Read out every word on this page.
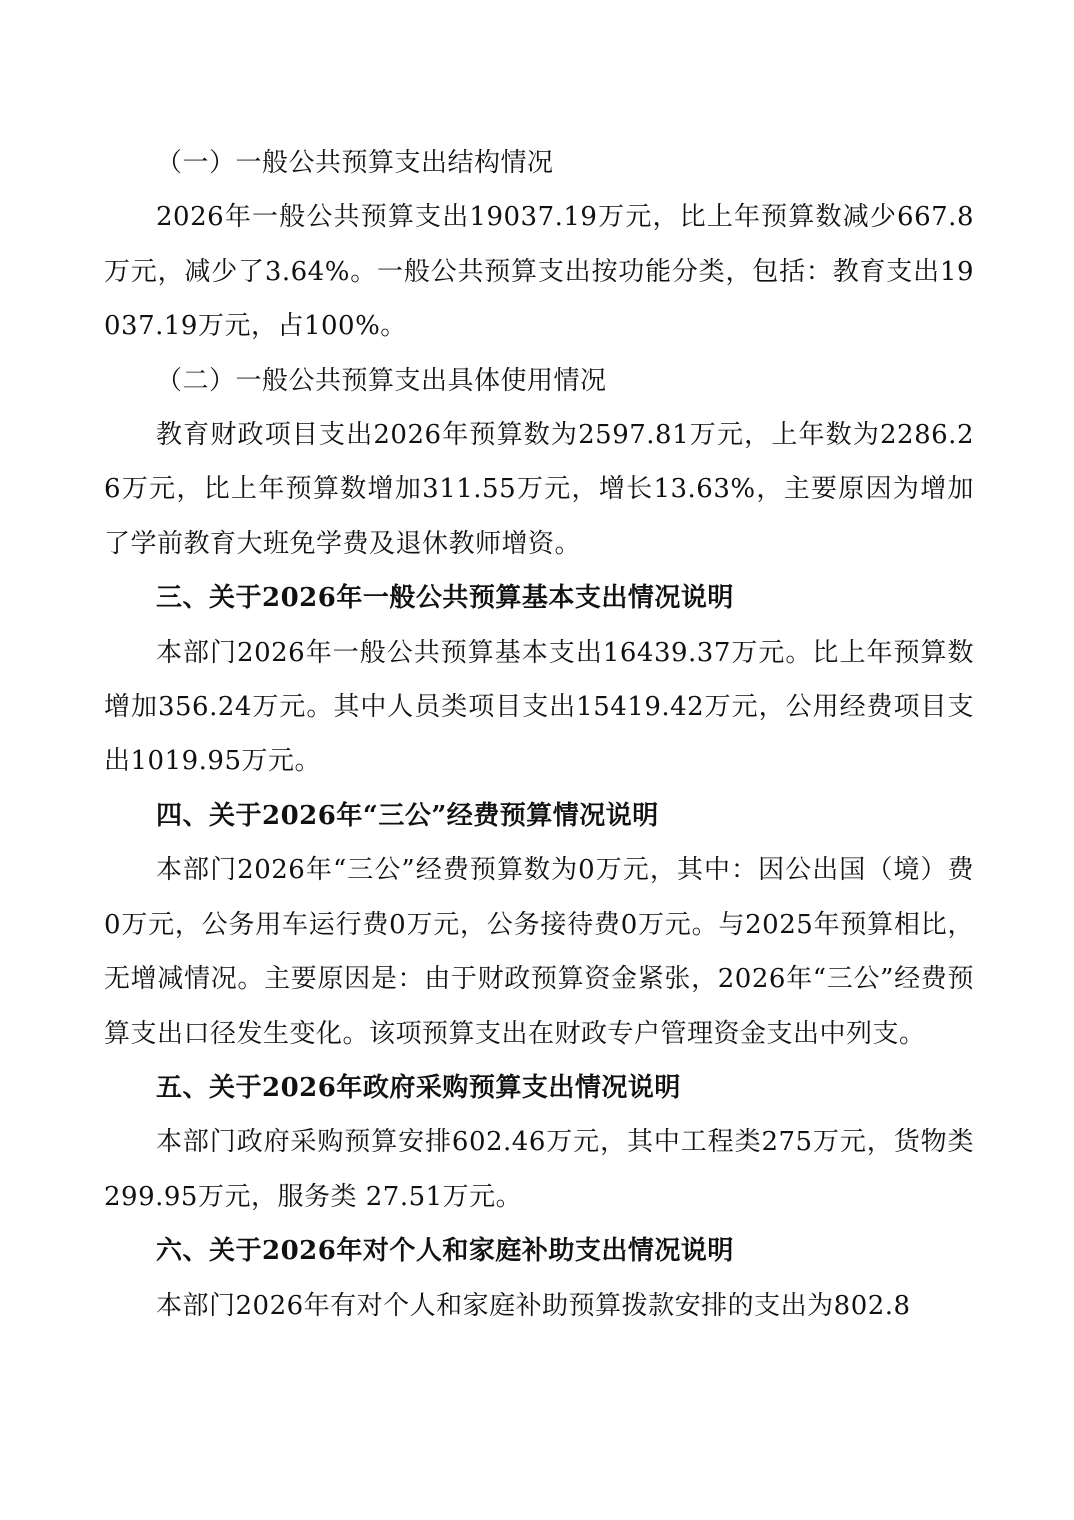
（一）一般公共预算支出结构情况

2026年一般公共预算支出19037.19万元，比上年预算数减少667.8万元，减少了3.64%。一般公共预算支出按功能分类，包括：教育支出19037.19万元，占100%。

（二）一般公共预算支出具体使用情况

教育财政项目支出2026年预算数为2597.81万元，上年数为2286.26万元，比上年预算数增加311.55万元，增长13.63%，主要原因为增加了学前教育大班免学费及退休教师增资。

三、关于2026年一般公共预算基本支出情况说明

本部门2026年一般公共预算基本支出16439.37万元。比上年预算数增加356.24万元。其中人员类项目支出15419.42万元，公用经费项目支出1019.95万元。

四、关于2026年“三公”经费预算情况说明

本部门2026年“三公”经费预算数为0万元，其中：因公出国（境）费0万元，公务用车运行费0万元，公务接待费0万元。与2025年预算相比，无增减情况。主要原因是：由于财政预算资金紧张，2026年“三公”经费预算支出口径发生变化。该项预算支出在财政专户管理资金支出中列支。

五、关于2026年政府采购预算支出情况说明

本部门政府采购预算安排602.46万元，其中工程类275万元，货物类299.95万元，服务类 27.51万元。

六、关于2026年对个人和家庭补助支出情况说明

本部门2026年有对个人和家庭补助预算拨款安排的支出为802.8
